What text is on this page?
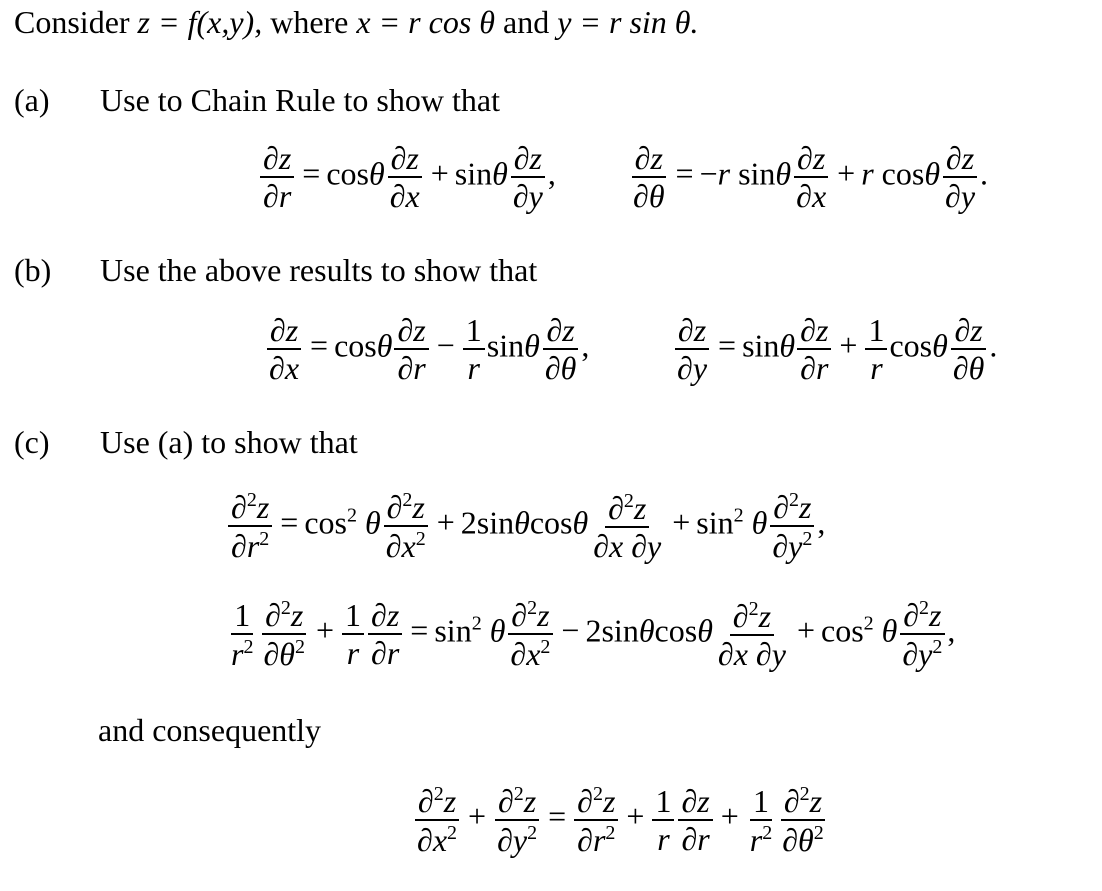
Consider z = f(x,y), where x = r cos θ and y = r sin θ.
(a) Use to Chain Rule to show that
$\frac{\partial z}{\partial r} = \cos\theta \frac{\partial z}{\partial x} + \sin\theta \frac{\partial z}{\partial y}$ , $\frac{\partial z}{\partial\theta} = -r$ sinθ $\frac{\partial z}{\partial x} + r$ cosθ $\frac{\partial z}{\partial y}$ .
(b) Use the above results to show that
$\frac{\partial z}{\partial x} = \cos\theta \frac{\partial z}{\partial r} - \frac{1}{r}$ sinθ $\frac{\partial z}{\partial\theta}$ ,	$\frac{\partial z}{\partial y} = \sin\theta \frac{\partial z}{\partial r} + \frac{1}{r}$ cosθ $\frac{\partial z}{\partial\theta}$ .
(c) Use (a) to show that
$\frac{\partial^2z}{\partial r^2} = \cos^2 \theta \frac{\partial^2z}{\partial x^2} + 2\sin\theta\cos\theta \frac{\partial^2z}{\partial x \partial y} + \sin^2 \theta \frac{\partial^2z}{\partial y^2}$ ,
$\frac{1}{r^2} \frac{\partial^2z}{\partial\theta^2} + \frac{1}{r} \frac{\partial z}{\partial r} = \sin^2 \theta \frac{\partial^2z}{\partial x^2} - 2\sin\theta\cos\theta \frac{\partial^2z}{\partial x \partial y} + \cos^2 \theta \frac{\partial^2z}{\partial y^2}$ ,
and consequently
$\frac{\partial^2z}{\partial x^2} + \frac{\partial^2z}{\partial y^2} = \frac{\partial^2z}{\partial r^2} + \frac{1}{r} \frac{\partial z}{\partial r} + \frac{1}{r^2} \frac{\partial^2z}{\partial\theta^2}$
